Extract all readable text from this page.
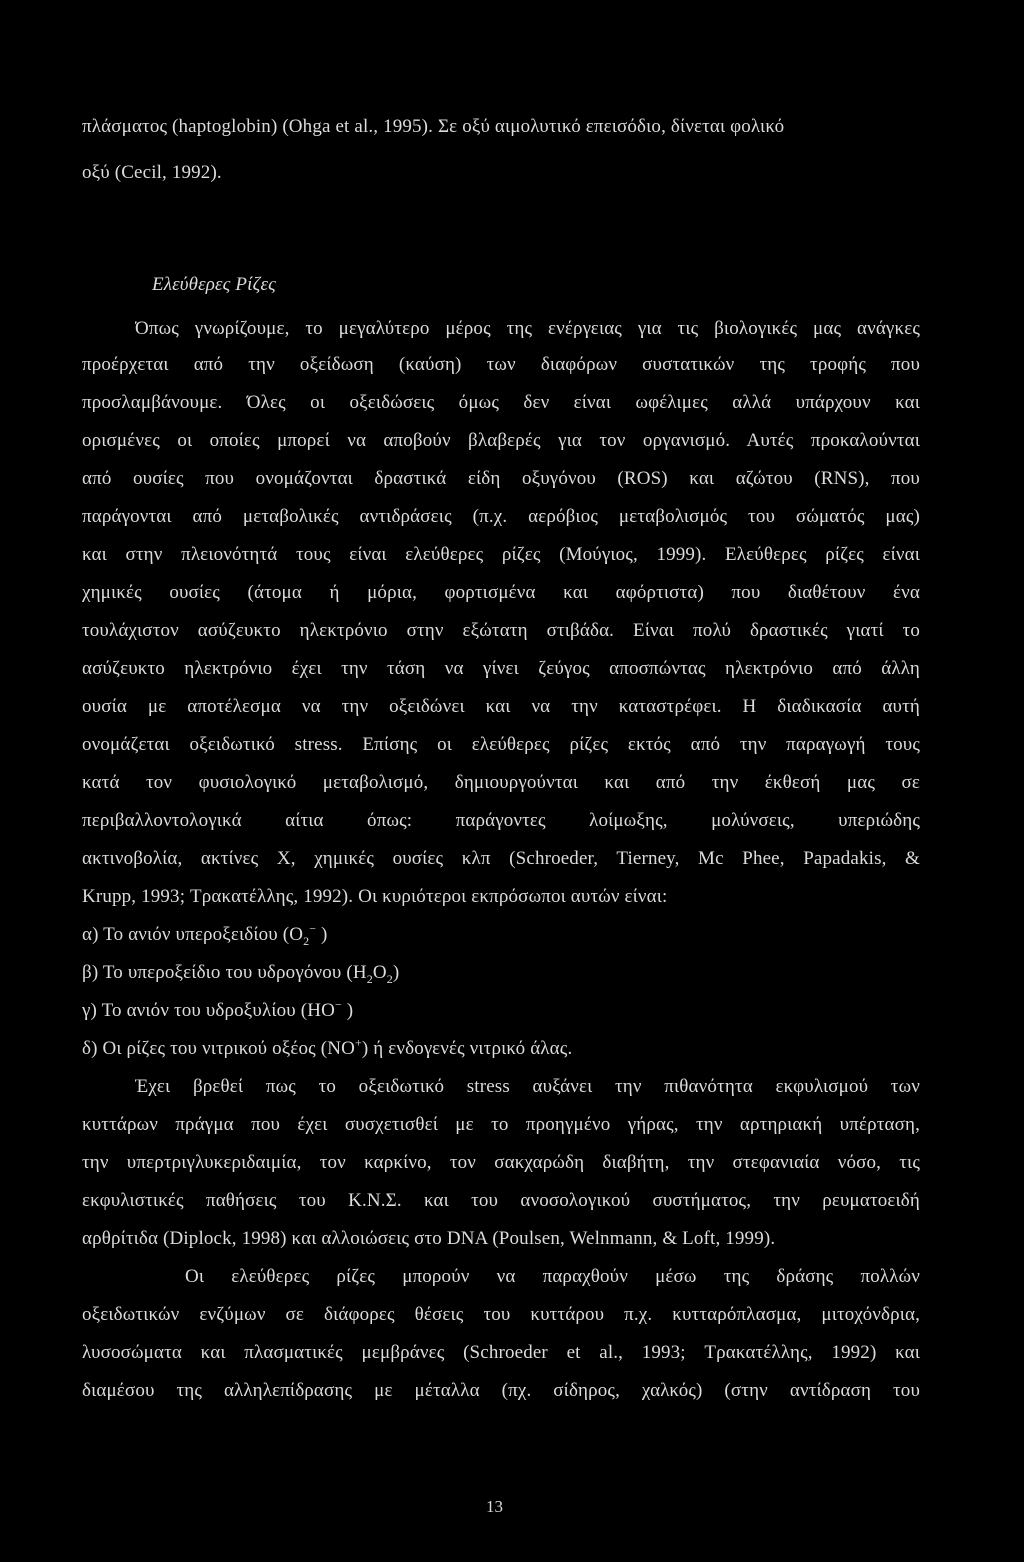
πλάσματος (haptoglobin) (Ohga et al., 1995). Σε οξύ αιμολυτικό επεισόδιο, δίνεται φολικό
οξύ (Cecil, 1992).
Ελεύθερες Ρίζες
Όπως γνωρίζουμε, το μεγαλύτερο μέρος της ενέργειας για τις βιολογικές μας ανάγκες
προέρχεται από την οξείδωση (καύση) των διαφόρων συστατικών της τροφής που
προσλαμβάνουμε. Όλες οι οξειδώσεις όμως δεν είναι ωφέλιμες αλλά υπάρχουν και
ορισμένες οι οποίες μπορεί να αποβούν βλαβερές για τον οργανισμό. Αυτές προκαλούνται
από ουσίες που ονομάζονται δραστικά είδη οξυγόνου (ROS) και αζώτου (RNS), που
παράγονται από μεταβολικές αντιδράσεις (π.χ. αερόβιος μεταβολισμός του σώματός μας)
και στην πλειονότητά τους είναι ελεύθερες ρίζες (Μούγιος, 1999). Ελεύθερες ρίζες είναι
χημικές ουσίες (άτομα ή μόρια, φορτισμένα και αφόρτιστα) που διαθέτουν ένα
τουλάχιστον ασύζευκτο ηλεκτρόνιο στην εξώτατη στιβάδα. Είναι πολύ δραστικές γιατί το
ασύζευκτο ηλεκτρόνιο έχει την τάση να γίνει ζεύγος αποσπώντας ηλεκτρόνιο από άλλη
ουσία με αποτέλεσμα να την οξειδώνει και να την καταστρέφει. Η διαδικασία αυτή
ονομάζεται οξειδωτικό stress. Επίσης οι ελεύθερες ρίζες εκτός από την παραγωγή τους
κατά τον φυσιολογικό μεταβολισμό, δημιουργούνται και από την έκθεσή μας σε
περιβαλλοντολογικά αίτια όπως: παράγοντες λοίμωξης, μολύνσεις, υπεριώδης
ακτινοβολία, ακτίνες X, χημικές ουσίες κλπ (Schroeder, Tierney, Mc Phee, Papadakis, &
Krupp, 1993; Τρακατέλλης, 1992). Οι κυριότεροι εκπρόσωποι αυτών είναι:
α) Το ανιόν υπεροξειδίου ($O_2^-$ )
β) Το υπεροξείδιο του υδρογόνου $(H_2O_2)$
γ) Το ανιόν του υδροξυλίου (HO− )
δ) Οι ρίζες του νιτρικού οξέος (NO+) ή ενδογενές νιτρικό άλας.
Έχει βρεθεί πως το οξειδωτικό stress αυξάνει την πιθανότητα εκφυλισμού των
κυττάρων πράγμα που έχει συσχετισθεί με το προηγμένο γήρας, την αρτηριακή υπέρταση,
την υπερτριγλυκεριδαιμία, τον καρκίνο, τον σακχαρώδη διαβήτη, την στεφανιαία νόσο, τις
εκφυλιστικές παθήσεις του Κ.Ν.Σ. και του ανοσολογικού συστήματος, την ρευματοειδή
αρθρίτιδα (Diplock, 1998) και αλλοιώσεις στο DNA (Poulsen, Welnmann, & Loft, 1999).
Οι ελεύθερες ρίζες μπορούν να παραχθούν μέσω της δράσης πολλών
οξειδωτικών ενζύμων σε διάφορες θέσεις του κυττάρου π.χ. κυτταρόπλασμα, μιτοχόνδρια,
λυσοσώματα και πλασματικές μεμβράνες (Schroeder et al., 1993; Τρακατέλλης, 1992) και
διαμέσου της αλληλεπίδρασης με μέταλλα (πχ. σίδηρος, χαλκός) (στην αντίδραση του
13
